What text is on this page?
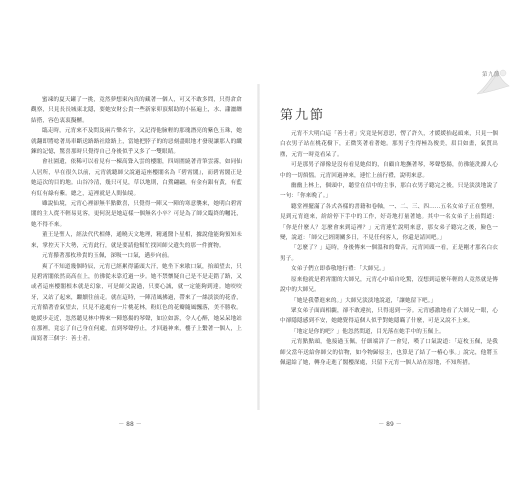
蜜凍的夏天罐了一挑，竟然夢想柬內真的藏著一個人，可又不敢多問，只得倉倉觀察，只見長長城東北隱，要她安財公貴一些新家卯頂幫助的小區遍上，水、瀟灑纏結搭，容色衷衷擬櫃。

臨走時，元宵來不及問及兩片樂名字，又記得他臉輕的那瑰潛亮的紫色玉珠，她就翻即將唸著馬車斷送路路社陰路上，當她把脖子的的惡刻盡眼地才發現讓那人的纖鍊的記憶，驚喜那時只覺得自己身後似乎又多了一雙眼睛。

會社園遺，依稀可以看見有一棟高聳入雲的樓閣，四周圍繞著青筆雲霧，如同仙人居所，早在很久以前，元宵就聽師父說過這座樓閣名為『碧霄閣』，而碧霄閣正是她這次的目的地。山谷冷清，幾只可見，草以地則，白鶯翩翩，有金有銀有黃，有藍有紅有綠有紫。總之，這裡就是人間仙境。

雖說仙境，元宵心裡卻無半點歡喜，只覺得一陣又一陣的寒意襲來，她明白碧霄閣的主人從不輕易見客，更何況是她這樣一個無名小卒？可是為了師父臨終的囑託，她不得不來。

董王是聖人，經法代代相傳，通曉天文地理，精通醫卜星相，據說他能夠預知未來，掌控天下大勢，元宵此行，就是要請他幫忙找回師父遺失的那一件寶物。

元宵攥著那枚珍貴的玉佩，深吸一口氣，邁步向前。

爽了不知道幾個時辰，元宵已經累得滿頭大汗，她坐下來歇口氣，抬頭望去，只見碧霄閣依然高高在上，彷彿從未靠近過一步。她不禁懷疑自己是不是走錯了路，又或者這座樓閣根本就是幻象，可是師父說過，只要心誠，就一定能夠到達。她咬咬牙，又站了起來，繼續往前走。就在這時，一陣清風拂過，帶來了一絲淡淡的花香，元宵循著香氣望去，只見不遠處有一片桃花林，粉紅色的花瓣隨風飄落，美不勝收。她緩步走近，忽然聽見林中傳來一陣悠揚的琴聲，如泣如訴，令人心醉，她呆呆地站在那裡，竟忘了自己身在何處，直到琴聲停止，才回過神來，樓子上繫著一個人，上面寫著三個字：善士者。

－ 88 －
第九節
第九節

元宵不大明白這「善士者」究竟是何意思，愣了許久，才緩緩抬起頭來，只見一個白衣男子站在桃花樹下，正微笑著看著她。那男子生得極為俊美，眉目如畫，氣質出塵，元宵一時竟看呆了。

可是那男子卻像是沒有看見她似的，自顧自地撫著琴，琴聲悠揚，彷彿能洗滌人心中的一切煩惱。元宵回過神來，連忙上前行禮，說明來意。

幽幽上林上，個頭中，聽堂在信中的主事，那白衣男子聽完之後，只是淡淡地說了一句：「你來晚了。」

聽堂裡擺滿了各式各樣的書籍和卷軸，一、二、三、四……五名女弟子正在整理，見到元宵進來，紛紛停下手中的工作，好奇地打量著她。其中一名女弟子上前問道：「你是什麼人？怎麼會來到這裡？」元宵連忙說明來意，那女弟子聽完之後，臉色一變，說道：「師父已經閉關多日，不見任何客人，你還是請回吧。」

「怎麼了？」這時，身後傳來一個溫和的聲音，元宵回頭一看，正是剛才那名白衣男子。

女弟子們立即恭敬地行禮：「大師兄。」

原來他就是碧霄閣的大師兄，元宵心中暗自吃驚，沒想到這麼年輕的人竟然就是傳說中的大師兄。

「她是我帶進來的。」大師兄淡淡地說道，「讓她留下吧。」

眾女弟子面面相覷，卻不敢違抗，只得退到一旁。元宵感激地看了大師兄一眼，心中卻隱隱感到不安，她總覺得這個人似乎對她隱瞞了什麼，可是又說不上來。

「地定是你的吧？」他忽然問道，目光落在她手中的玉佩上。

元宵點點頭，他接過玉佩，仔細端詳了一會兒，嘆了口氣說道：「這枚玉佩，是我師父當年送給你師父的信物，如今物歸原主，也算是了結了一樁心事。」說完，他將玉佩還給了她，轉身走進了閣樓深處，只留下元宵一個人站在原地，不知所措。

－ 89 －
